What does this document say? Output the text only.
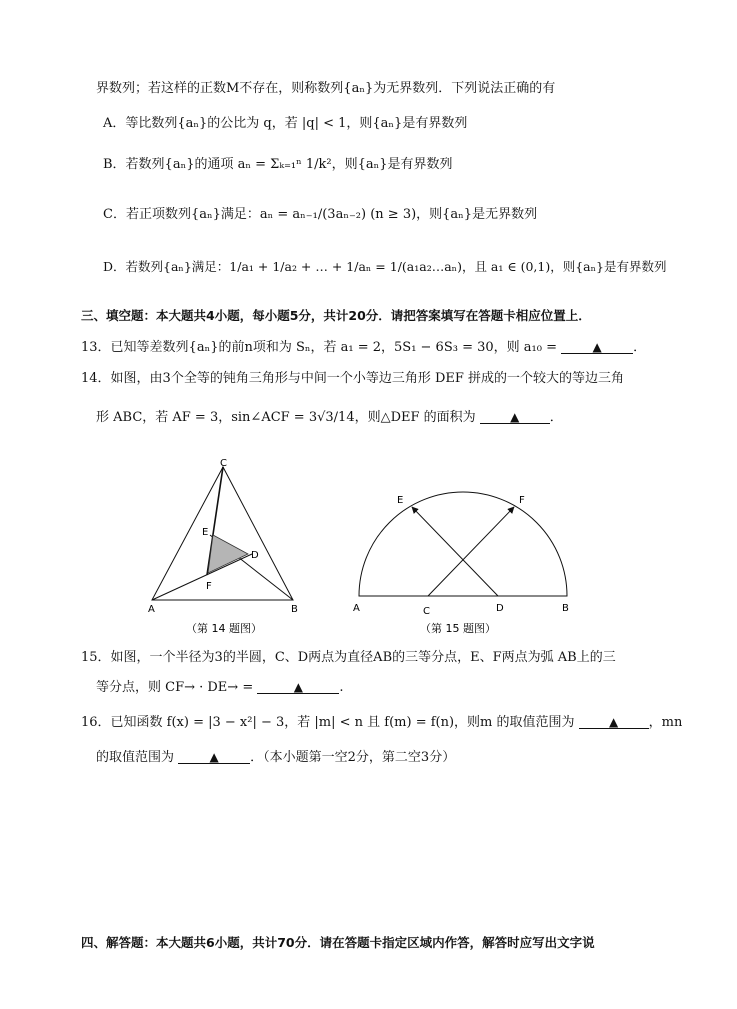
界数列；若这样的正数M不存在，则称数列{aₙ}为无界数列．下列说法正确的有
A．等比数列{aₙ}的公比为 q，若 |q| < 1，则{aₙ}是有界数列
B．若数列{aₙ}的通项 aₙ = Σₖ₌₁ⁿ 1/k²，则{aₙ}是有界数列
C．若正项数列{aₙ}满足：aₙ = aₙ₋₁/(3aₙ₋₂) (n ≥ 3)，则{aₙ}是无界数列
D．若数列{aₙ}满足：1/a₁ + 1/a₂ + … + 1/aₙ = 1/(a₁a₂…aₙ)，且 a₁ ∈ (0,1)，则{aₙ}是有界数列
三、填空题：本大题共4小题，每小题5分，共计20分．请把答案填写在答题卡相应位置上．
13．已知等差数列{aₙ}的前n项和为 Sₙ，若 a₁ = 2，5S₁ − 6S₃ = 30，则 a₁₀ =	▲ ．
14．如图，由3个全等的钝角三角形与中间一个小等边三角形 DEF 拼成的一个较大的等边三角
形 ABC，若 AF = 3，sin∠ACF = 3√3/14，则△DEF 的面积为	▲ ．
C
E
D
F
A	B
（第 14 题图）
E	F
A	C	D	B
（第 15 题图）
15．如图，一个半径为3的半圆，C、D两点为直径AB的三等分点，E、F两点为弧 AB上的三
等分点，则 CF→ · DE→ =	▲	.
16．已知函数 f(x) = |3 − x²| − 3，若 |m| < n 且 f(m) = f(n)，则m 的取值范围为	▲ ，mn
的取值范围为	▲ ．（本小题第一空2分，第二空3分）
四、解答题：本大题共6小题，共计70分．请在答题卡指定区域内作答，解答时应写出文字说
